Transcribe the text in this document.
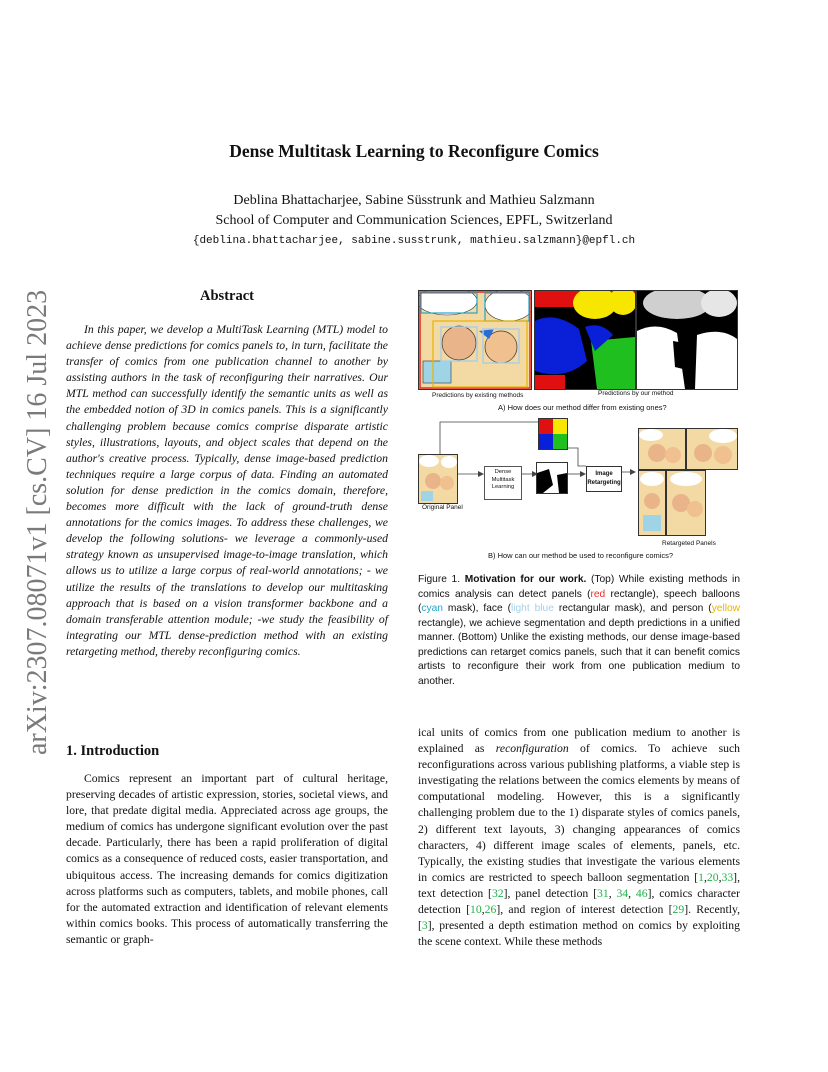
Dense Multitask Learning to Reconfigure Comics
Deblina Bhattacharjee, Sabine Süsstrunk and Mathieu Salzmann
School of Computer and Communication Sciences, EPFL, Switzerland
{deblina.bhattacharjee, sabine.susstrunk, mathieu.salzmann}@epfl.ch
arXiv:2307.08071v1 [cs.CV] 16 Jul 2023	Abstract

In this paper, we develop a MultiTask Learning (MTL) model to achieve dense predictions for comics panels to, in turn, facilitate the transfer of comics from one publication channel to another by assisting authors in the task of reconfiguring their narratives. Our MTL method can successfully identify the semantic units as well as the embedded notion of 3D in comics panels. This is a significantly challenging problem because comics comprise disparate artistic styles, illustrations, layouts, and object scales that depend on the author's creative process. Typically, dense image-based prediction techniques require a large corpus of data. Finding an automated solution for dense prediction in the comics domain, therefore, becomes more difficult with the lack of ground-truth dense annotations for the comics images. To address these challenges, we develop the following solutions- we leverage a commonly-used strategy known as unsupervised image-to-image translation, which allows us to utilize a large corpus of real-world annotations; - we utilize the results of the translations to develop our multitasking approach that is based on a vision transformer backbone and a domain transferable attention module; -we study the feasibility of integrating our MTL dense-prediction method with an existing retargeting method, thereby reconfiguring comics.

1. Introduction

Comics represent an important part of cultural heritage, preserving decades of artistic expression, stories, societal views, and lore, that predate digital media. Appreciated across age groups, the medium of comics has undergone significant evolution over the past decade. Particularly, there has been a rapid proliferation of digital comics as a consequence of reduced costs, easier transportation, and ubiquitous access. The increasing demands for comics digitization across platforms such as computers, tablets, and mobile phones, call for the automated extraction and identification of relevant elements within comics books. This process of automatically transferring the semantic or graph-

ical units of comics from one publication medium to another is explained as reconfiguration of comics. To achieve such reconfigurations across various publishing platforms, a viable step is investigating the relations between the comics elements by means of computational modeling. However, this is a significantly challenging problem due to the 1) disparate styles of comics panels, 2) different text layouts, 3) changing appearances of comics characters, 4) different image scales of elements, panels, etc. Typically, the existing studies that investigate the various elements in comics are restricted to speech balloon segmentation [1,20,33], text detection [32], panel detection [31, 34, 46], comics character detection [10,26], and region of interest detection [29]. Recently, [3], presented a depth estimation method on comics by exploiting the scene context. While these methods

Predictions by existing methods	Predictions by our method
A) How does our method differ from existing ones?
Original Panel
Dense
Multitask
Learning
Image
Retargeting
Retargeted Panels
B) How can our method be used to reconfigure comics?

Figure 1. Motivation for our work. (Top) While existing methods in comics analysis can detect panels (red rectangle), speech balloons (cyan mask), face (light blue rectangular mask), and person (yellow rectangle), we achieve segmentation and depth predictions in a unified manner. (Bottom) Unlike the existing methods, our dense image-based predictions can retarget comics panels, such that it can benefit comics artists to reconfigure their work from one publication medium to another.
